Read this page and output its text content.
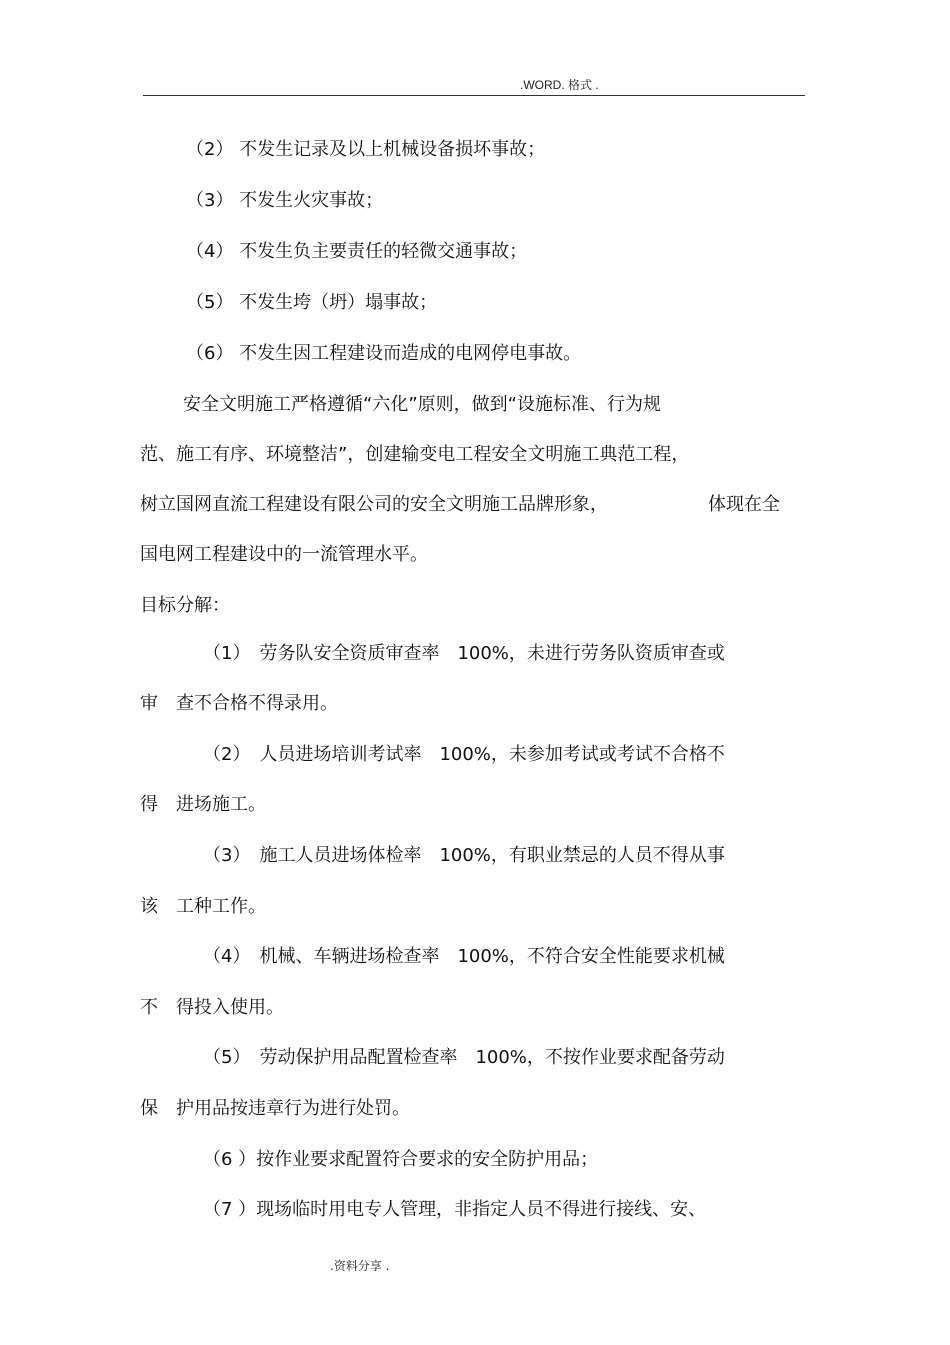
.WORD. 格式 .
（2） 不发生记录及以上机械设备损坏事故；
（3） 不发生火灾事故；
（4） 不发生负主要责任的轻微交通事故；
（5） 不发生垮（坍）塌事故；
（6） 不发生因工程建设而造成的电网停电事故。
安全文明施工严格遵循“六化”原则，做到“设施标准、行为规
范、施工有序、环境整洁”，创建输变电工程安全文明施工典范工程，
树立国网直流工程建设有限公司的安全文明施工品牌形象，	体现在全
国电网工程建设中的一流管理水平。
目标分解：
（1）　劳务队安全资质审查率　100%，未进行劳务队资质审查或
审　查不合格不得录用。
（2）　人员进场培训考试率　100%，未参加考试或考试不合格不
得　进场施工。
（3）　施工人员进场体检率　100%，有职业禁忌的人员不得从事
该　工种工作。
（4）　机械、车辆进场检查率　100%，不符合安全性能要求机械
不　得投入使用。
（5）　劳动保护用品配置检查率　100%，不按作业要求配备劳动
保　护用品按违章行为进行处罚。
（6 ）按作业要求配置符合要求的安全防护用品；
（7 ）现场临时用电专人管理，非指定人员不得进行接线、安、
.资料分享 .
